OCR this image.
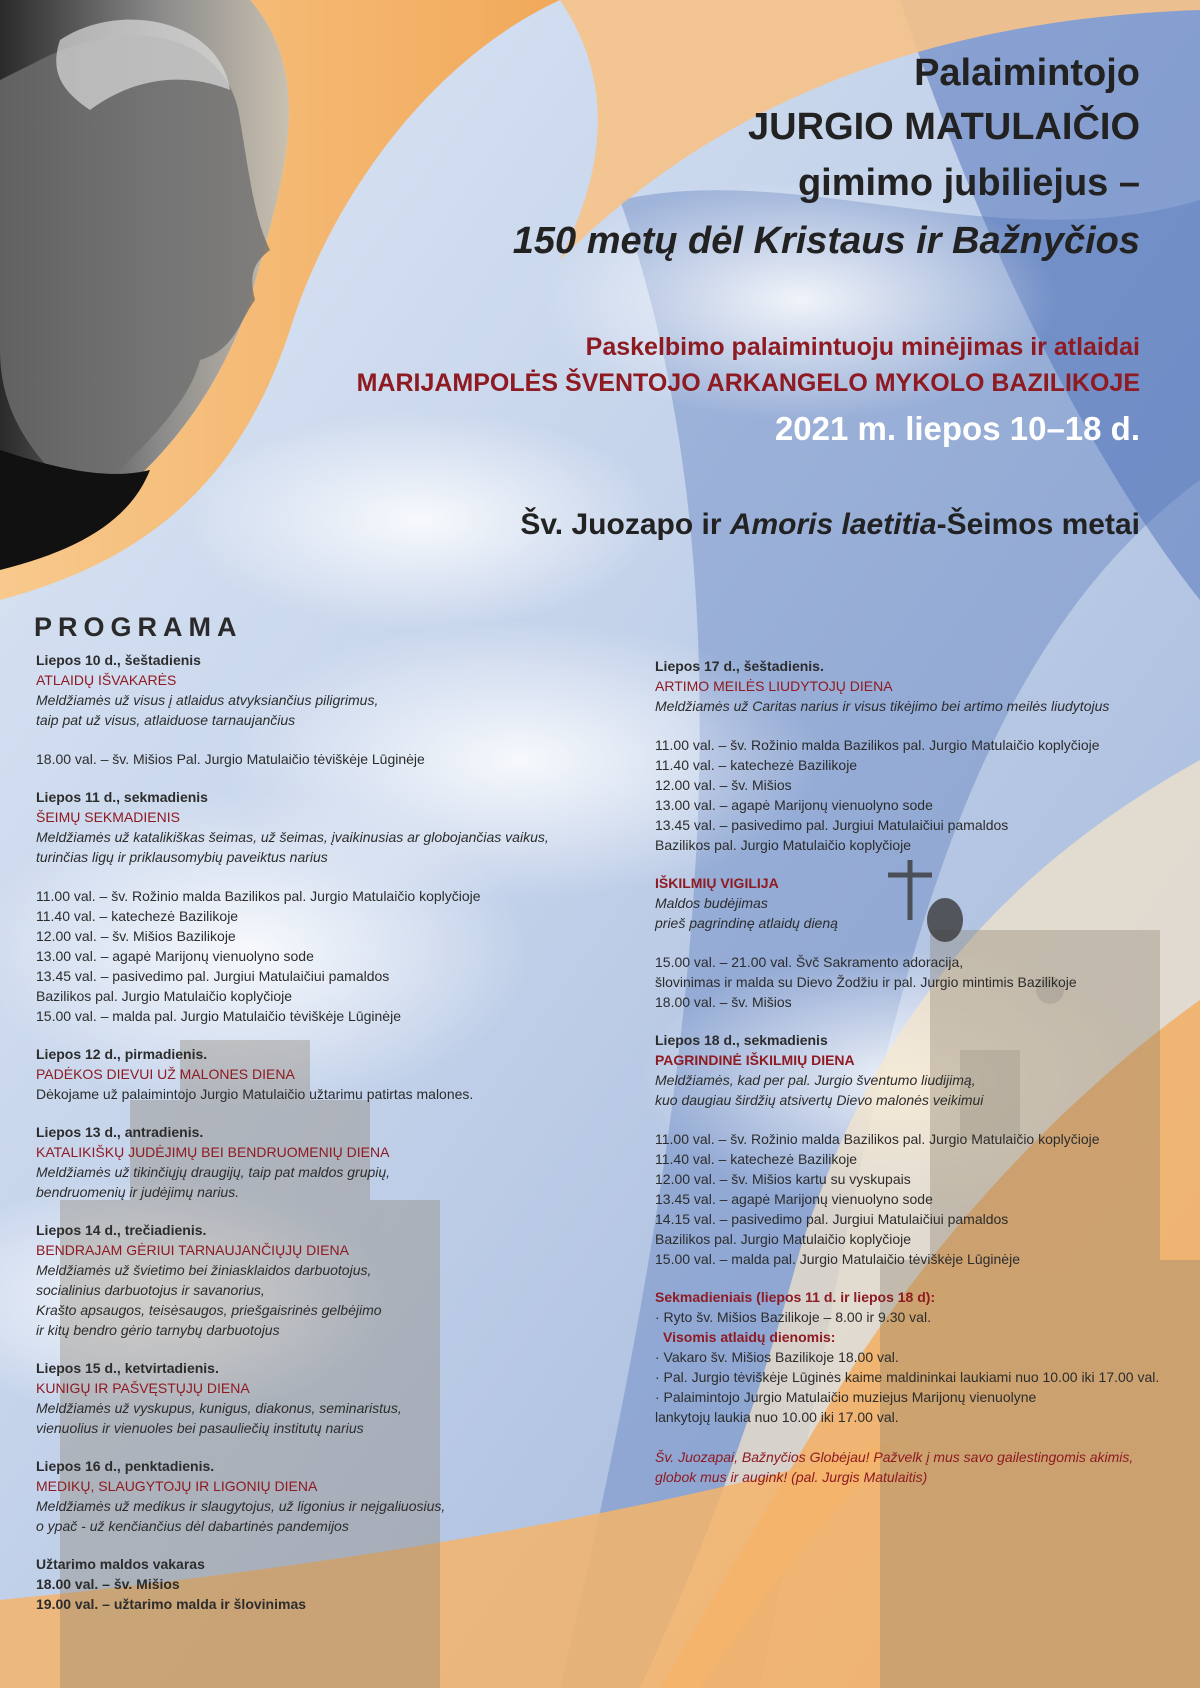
Palaimintojo
JURGIO MATULAIČIO
gimimo jubiliejus –
150 metų dėl Kristaus ir Bažnyčios
Paskelbimo palaimintuoju minėjimas ir atlaidai
MARIJAMPOLĖS ŠVENTOJO ARKANGELO MYKOLO BAZILIKOJE
2021 m. liepos 10–18 d.
Šv. Juozapo ir Amoris laetitia-Šeimos metai
PROGRAMA
Liepos 10 d., šeštadienis
ATLAIDŲ IŠVAKARĖS
Meldžiamės už visus į atlaidus atvyksiančius piligrimus,
taip pat už visus, atlaiduose tarnaujančius
18.00 val. – šv. Mišios Pal. Jurgio Matulaičio tėviškėje Lūginėje
Liepos 11 d., sekmadienis
ŠEIMŲ SEKMADIENIS
Meldžiamės už katalikiškas šeimas, už šeimas, įvaikinusias ar globojančias vaikus,
turinčias ligų ir priklausomybių paveiktus narius
11.00 val. – šv. Rožinio malda Bazilikos pal. Jurgio Matulaičio koplyčioje
11.40 val. – katechezė Bazilikoje
12.00 val. – šv. Mišios Bazilikoje
13.00 val. – agapė Marijonų vienuolyno sode
13.45 val. – pasivedimo pal. Jurgiui Matulaičiui pamaldos
Bazilikos pal. Jurgio Matulaičio koplyčioje
15.00 val. – malda pal. Jurgio Matulaičio tėviškėje Lūginėje
Liepos 12 d., pirmadienis.
PADĖKOS DIEVUI UŽ MALONES DIENA
Dėkojame už palaimintojo Jurgio Matulaičio užtarimu patirtas malones.
Liepos 13 d., antradienis.
KATALIKIŠKŲ JUDĖJIMŲ BEI BENDRUOMENIŲ DIENA
Meldžiamės už tikinčiųjų draugijų, taip pat maldos grupių,
bendruomenių ir judėjimų narius.
Liepos 14 d., trečiadienis.
BENDRAJAM GĖRIUI TARNAUJANČIŲJŲ DIENA
Meldžiamės už švietimo bei žiniasklaidos darbuotojus,
socialinius darbuotojus ir savanorius,
Krašto apsaugos, teisėsaugos, priešgaisrinės gelbėjimo
ir kitų bendro gėrio tarnybų darbuotojus
Liepos 15 d., ketvirtadienis.
KUNIGŲ IR PAŠVĘSTŲJŲ DIENA
Meldžiamės už vyskupus, kunigus, diakonus, seminaristus,
vienuolius ir vienuoles bei pasauliečių institutų narius
Liepos 16 d., penktadienis.
MEDIKŲ, SLAUGYTOJŲ IR LIGONIŲ DIENA
Meldžiamės už medikus ir slaugytojus, už ligonius ir neįgaliuosius,
o ypač - už kenčiančius dėl dabartinės pandemijos
Užtarimo maldos vakaras
18.00 val. – šv. Mišios
19.00 val. – užtarimo malda ir šlovinimas
Liepos 17 d., šeštadienis.
ARTIMO MEILĖS LIUDYTOJŲ DIENA
Meldžiamės už Caritas narius ir visus tikėjimo bei artimo meilės liudytojus
11.00 val. – šv. Rožinio malda Bazilikos pal. Jurgio Matulaičio koplyčioje
11.40 val. – katechezė Bazilikoje
12.00 val. – šv. Mišios
13.00 val. – agapė Marijonų vienuolyno sode
13.45 val. – pasivedimo pal. Jurgiui Matulaičiui pamaldos
Bazilikos pal. Jurgio Matulaičio koplyčioje
IŠKILMIŲ VIGILIJA
Maldos budėjimas
prieš pagrindinę atlaidų dieną
15.00 val. – 21.00 val. Švč Sakramento adoracija,
šlovinimas ir malda su Dievo Žodžiu ir pal. Jurgio mintimis Bazilikoje
18.00 val. – šv. Mišios
Liepos 18 d., sekmadienis
PAGRINDINĖ IŠKILMIŲ DIENA
Meldžiamės, kad per pal. Jurgio šventumo liudijimą,
kuo daugiau širdžių atsivertų Dievo malonės veikimui
11.00 val. – šv. Rožinio malda Bazilikos pal. Jurgio Matulaičio koplyčioje
11.40 val. – katechezė Bazilikoje
12.00 val. – šv. Mišios kartu su vyskupais
13.45 val. – agapė Marijonų vienuolyno sode
14.15 val. – pasivedimo pal. Jurgiui Matulaičiui pamaldos
Bazilikos pal. Jurgio Matulaičio koplyčioje
15.00 val. – malda pal. Jurgio Matulaičio tėviškėje Lūginėje
Sekmadieniais (liepos 11 d. ir liepos 18 d):
· Ryto šv. Mišios Bazilikoje – 8.00 ir 9.30 val.
Visomis atlaidų dienomis:
· Vakaro šv. Mišios Bazilikoje 18.00 val.
· Pal. Jurgio tėviškėje Lūginės kaime maldininkai laukiami nuo 10.00 iki 17.00 val.
· Palaimintojo Jurgio Matulaičio muziejus Marijonų vienuolyne
lankytojų laukia nuo 10.00 iki 17.00 val.
Šv. Juozapai, Bažnyčios Globėjau! Pažvelk į mus savo gailestingomis akimis,
globok mus ir augink! (pal. Jurgis Matulaitis)
